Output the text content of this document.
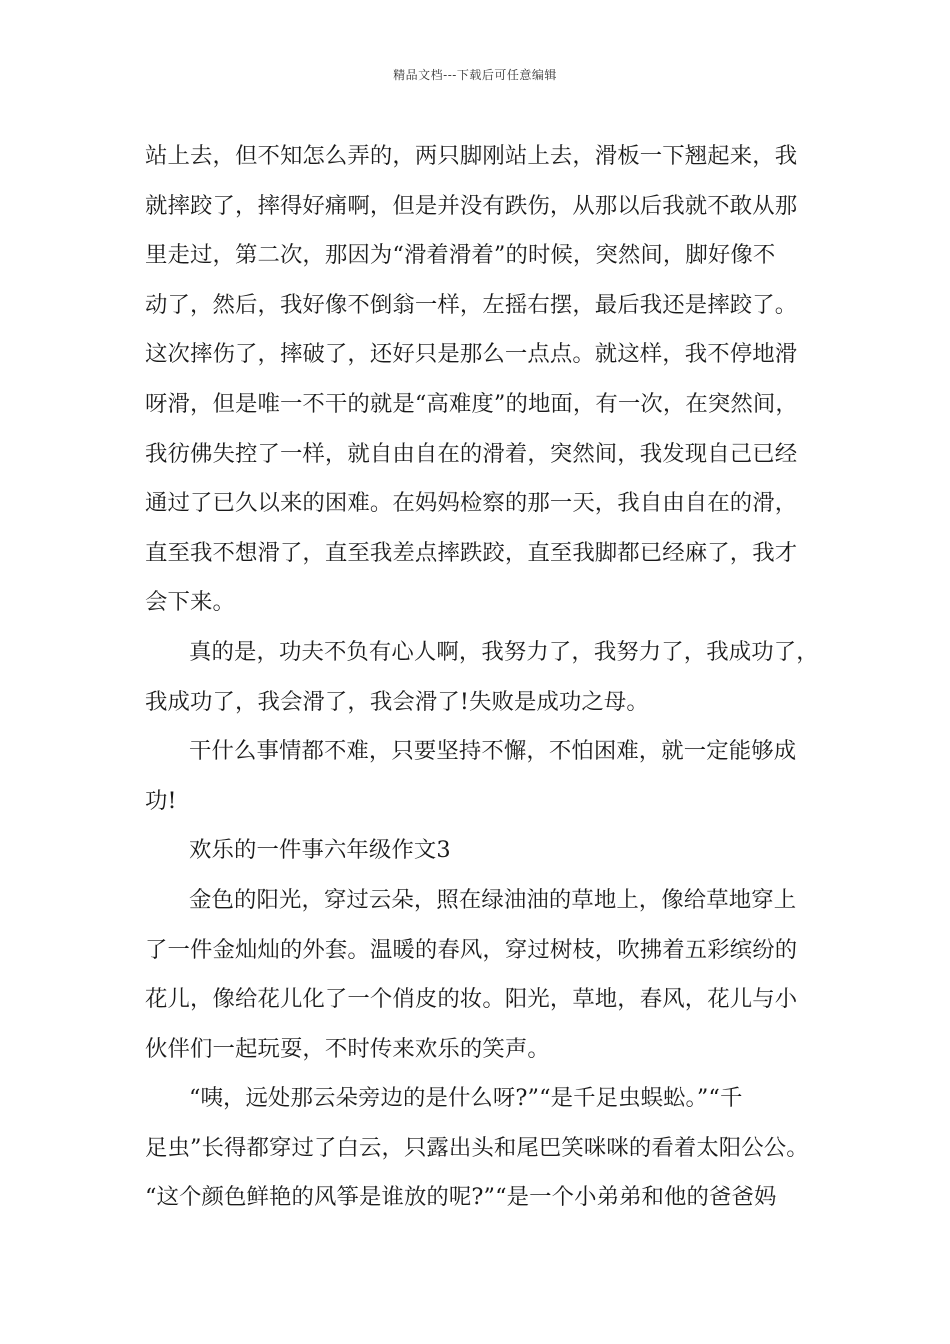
精品文档---下载后可任意编辑
站上去，但不知怎么弄的，两只脚刚站上去，滑板一下翘起来，我
就摔跤了，摔得好痛啊，但是并没有跌伤，从那以后我就不敢从那
里走过，第二次，那因为“滑着滑着”的时候，突然间，脚好像不
动了，然后，我好像不倒翁一样，左摇右摆，最后我还是摔跤了。
这次摔伤了，摔破了，还好只是那么一点点。就这样，我不停地滑
呀滑，但是唯一不干的就是“高难度”的地面，有一次，在突然间，
我彷佛失控了一样，就自由自在的滑着，突然间，我发现自己已经
通过了已久以来的困难。在妈妈检察的那一天，我自由自在的滑，
直至我不想滑了，直至我差点摔跌跤，直至我脚都已经麻了，我才
会下来。
真的是，功夫不负有心人啊，我努力了，我努力了，我成功了，
我成功了，我会滑了，我会滑了!失败是成功之母。
干什么事情都不难，只要坚持不懈，不怕困难，就一定能够成
功!
欢乐的一件事六年级作文3
金色的阳光，穿过云朵，照在绿油油的草地上，像给草地穿上
了一件金灿灿的外套。温暖的春风，穿过树枝，吹拂着五彩缤纷的
花儿，像给花儿化了一个俏皮的妆。阳光，草地，春风，花儿与小
伙伴们一起玩耍，不时传来欢乐的笑声。
“咦，远处那云朵旁边的是什么呀?”“是千足虫蜈蚣。”“千
足虫”长得都穿过了白云，只露出头和尾巴笑咪咪的看着太阳公公。
“这个颜色鲜艳的风筝是谁放的呢?”“是一个小弟弟和他的爸爸妈
